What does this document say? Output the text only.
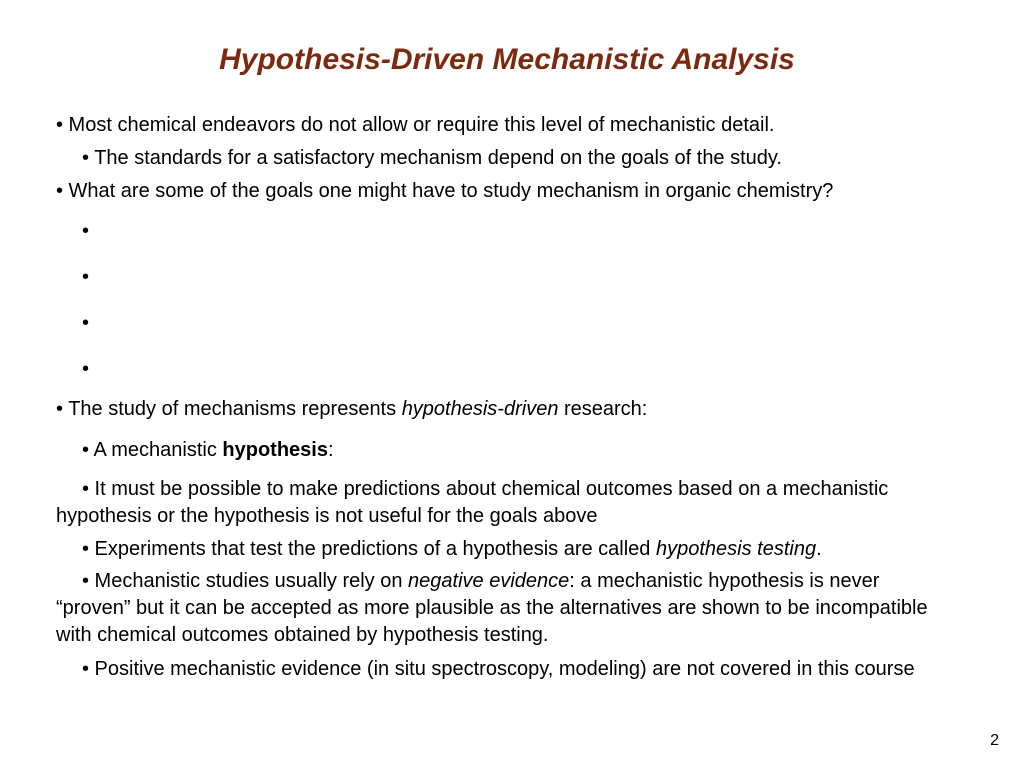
Hypothesis-Driven Mechanistic Analysis
• Most chemical endeavors do not allow or require this level of mechanistic detail.
• The standards for a satisfactory mechanism depend on the goals of the study.
• What are some of the goals one might have to study mechanism in organic chemistry?
•
•
•
•
• The study of mechanisms represents hypothesis-driven research:
• A mechanistic hypothesis:
• It must be possible to make predictions about chemical outcomes based on a mechanistic hypothesis or the hypothesis is not useful for the goals above
• Experiments that test the predictions of a hypothesis are called hypothesis testing.
• Mechanistic studies usually rely on negative evidence: a mechanistic hypothesis is never “proven” but it can be accepted as more plausible as the alternatives are shown to be incompatible with chemical outcomes obtained by hypothesis testing.
• Positive mechanistic evidence (in situ spectroscopy, modeling) are not covered in this course
2
